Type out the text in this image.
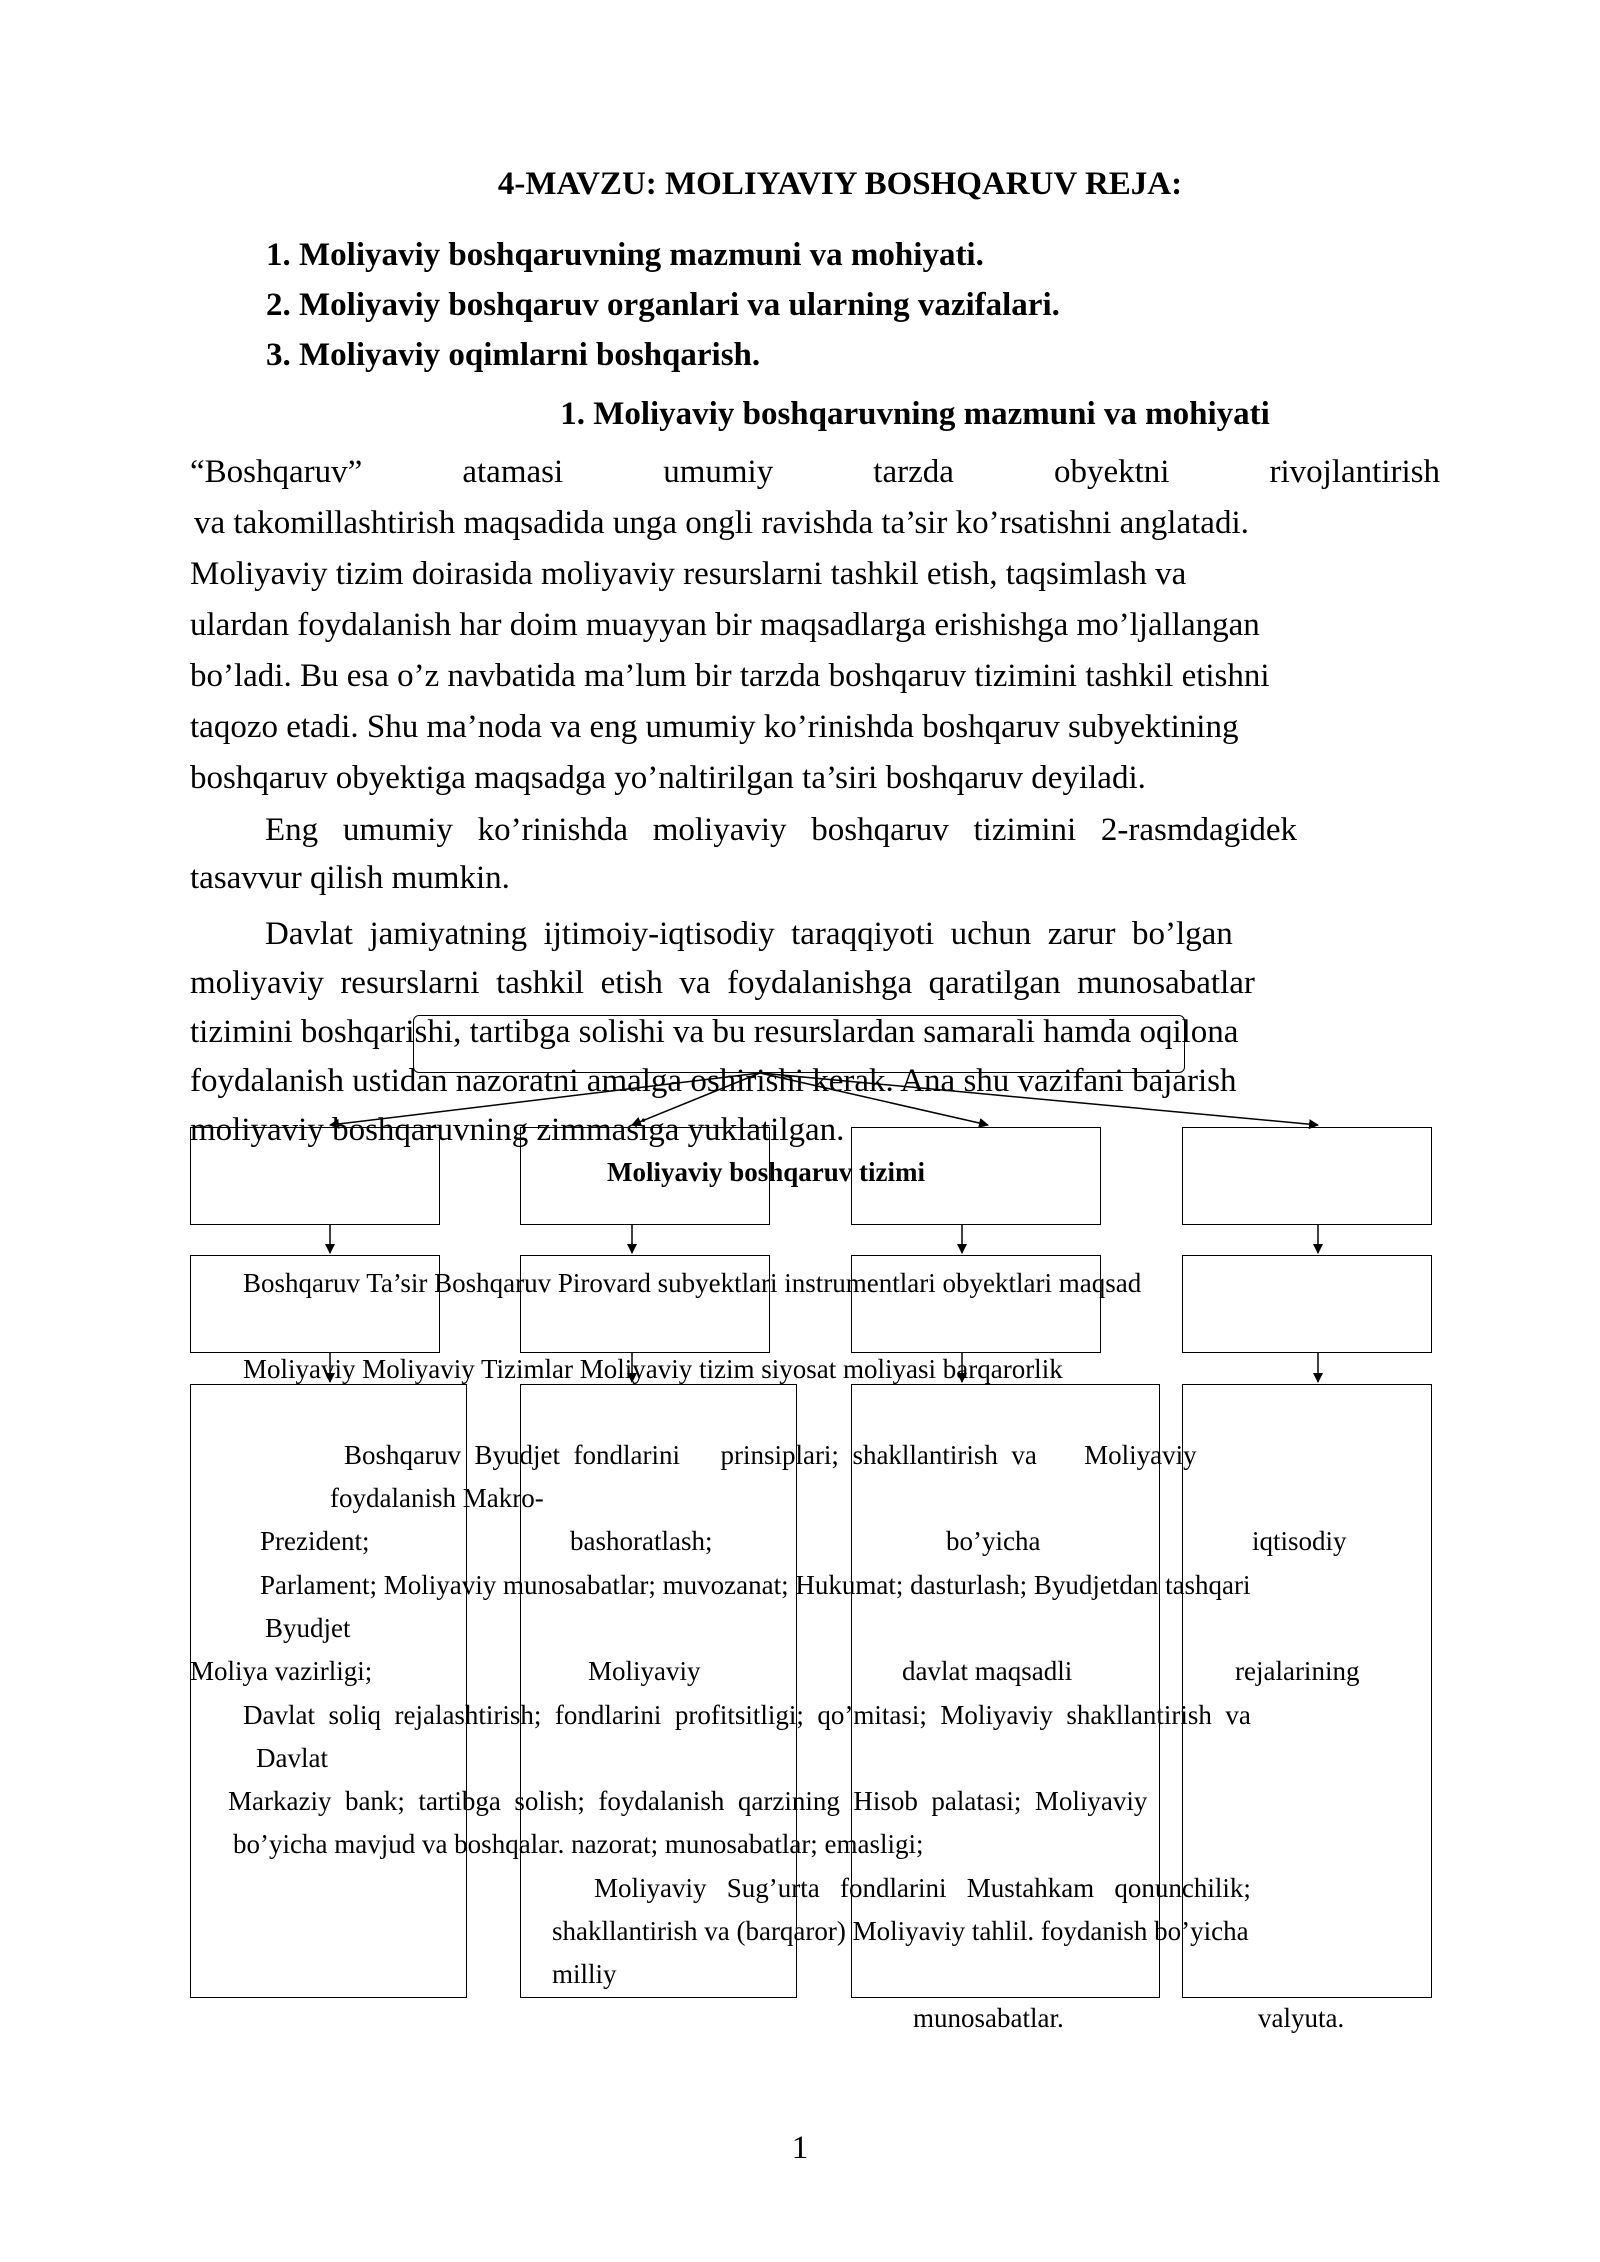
4-MAVZU: MOLIYAVIY BOSHQARUV REJA:
1. Moliyaviy boshqaruvning mazmuni va mohiyati.
2. Moliyaviy boshqaruv organlari va ularning vazifalari.
3. Moliyaviy oqimlarni boshqarish.
1. Moliyaviy boshqaruvning mazmuni va mohiyati
“Boshqaruv”	atamasi	umumiy	tarzda	obyektni	rivojlantirish
va takomillashtirish maqsadida unga ongli ravishda ta’sir ko’rsatishni anglatadi.
Moliyaviy tizim doirasida moliyaviy resurslarni tashkil etish, taqsimlash va
ulardan foydalanish har doim muayyan bir maqsadlarga erishishga mo’ljallangan
bo’ladi. Bu esa o’z navbatida ma’lum bir tarzda boshqaruv tizimini tashkil etishni
taqozo etadi. Shu ma’noda va eng umumiy ko’rinishda boshqaruv subyektining
boshqaruv obyektiga maqsadga yo’naltirilgan ta’siri boshqaruv deyiladi.
Eng   umumiy   ko’rinishda   moliyaviy   boshqaruv   tizimini   2-rasmdagidek
tasavvur qilish mumkin.
Davlat  jamiyatning  ijtimoiy-iqtisodiy  taraqqiyoti  uchun  zarur  bo’lgan
moliyaviy  resurslarni  tashkil  etish  va  foydalanishga  qaratilgan  munosabatlar
tizimini boshqarishi, tartibga solishi va bu resurslardan samarali hamda oqilona
foydalanish ustidan nazoratni amalga oshirishi kerak. Ana shu vazifani bajarish
moliyaviy boshqaruvning zimmasiga yuklatilgan.
Moliyaviy boshqaruv tizimi
Boshqaruv Ta’sir Boshqaruv Pirovard subyektlari instrumentlari obyektlari maqsad
Moliyaviy Moliyaviy Tizimlar Moliyaviy tizim siyosat moliyasi barqarorlik
Boshqaruv  Byudjet  fondlarini      prinsiplari;  shakllantirish  va       Moliyaviy
foydalanish Makro-
Prezident;	bashoratlash;	bo’yicha	iqtisodiy
Parlament; Moliyaviy munosabatlar; muvozanat; Hukumat; dasturlash; Byudjetdan tashqari
Byudjet
Moliya vazirligi;	Moliyaviy	davlat maqsadli	rejalarining
Davlat  soliq  rejalashtirish;  fondlarini  profitsitligi;  qo’mitasi;  Moliyaviy  shakllantirish  va
Davlat
Markaziy  bank;  tartibga  solish;  foydalanish  qarzining  Hisob  palatasi;  Moliyaviy
bo’yicha mavjud va boshqalar. nazorat; munosabatlar; emasligi;
Moliyaviy   Sug’urta   fondlarini   Mustahkam   qonunchilik;
shakllantirish va (barqaror) Moliyaviy tahlil. foydanish bo’yicha
milliy
munosabatlar.	valyuta.
1
